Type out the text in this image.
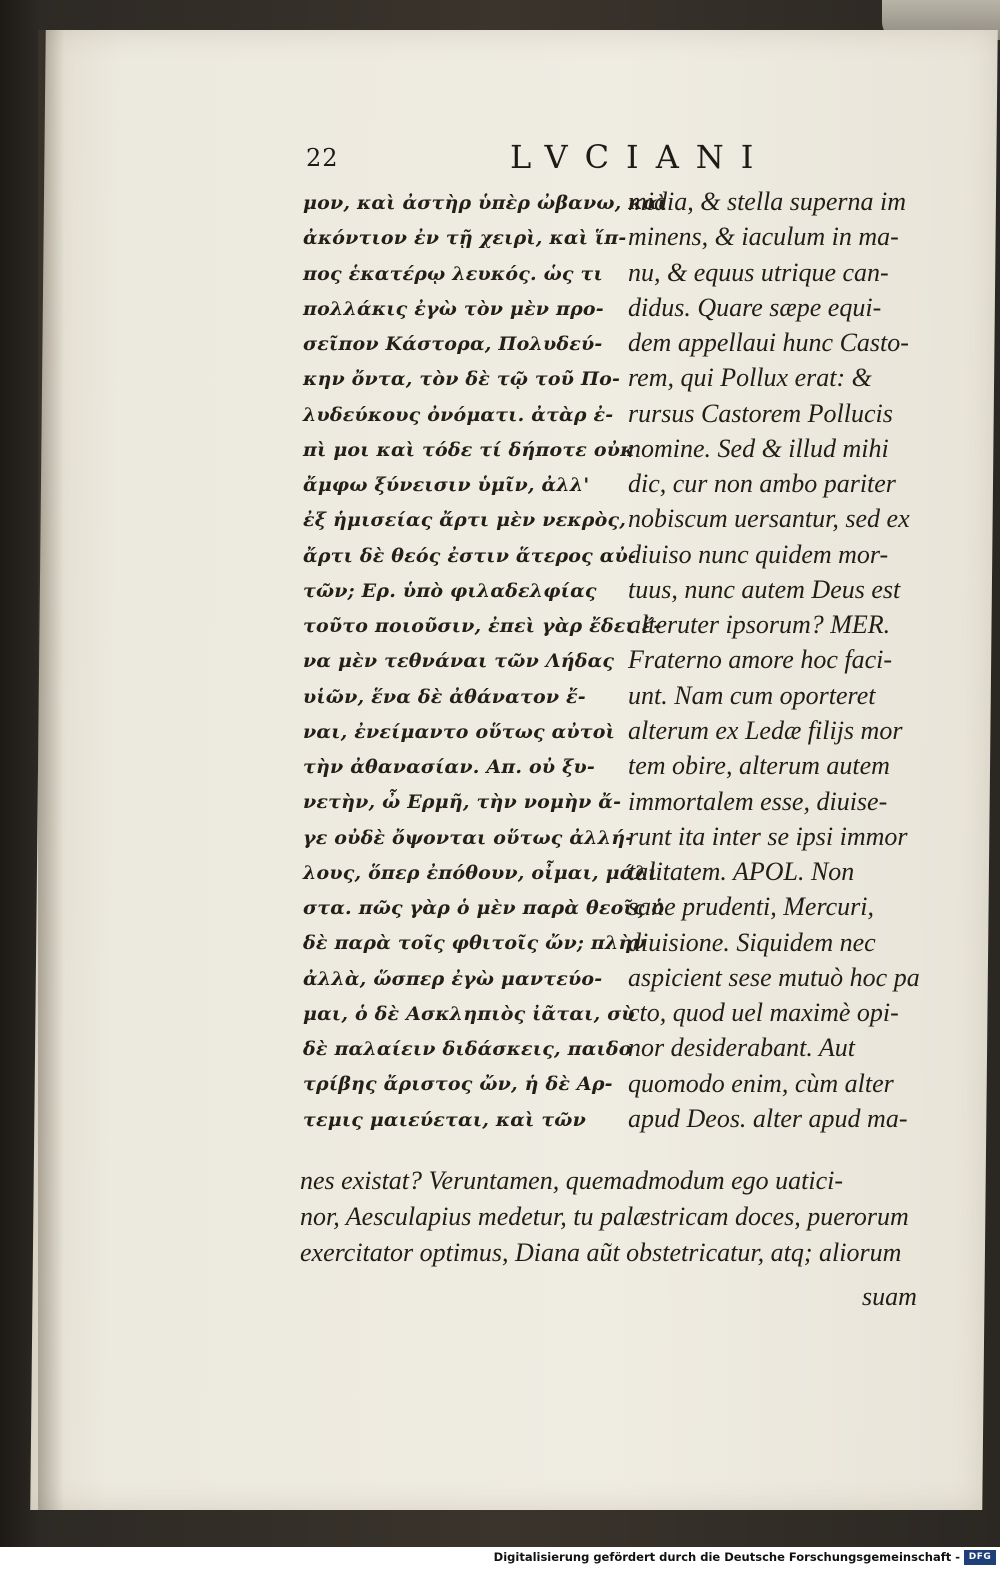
22	LVCIANI
μον, καὶ ἀστὴρ ὑπὲρ ὠβανω, καὶ
ἀκόντιον ἐν τῇ χειρὶ, καὶ ἵπ-
πος ἑκατέρῳ λευκός. ὡς τι
πολλάκις ἐγὼ τὸν μὲν προ-
σεῖπον Κάστορα, Πολυδεύ-
κην ὄντα, τὸν δὲ τῷ τοῦ Πο-
λυδεύκους ὀνόματι. ἀτὰρ ἐ-
πὶ μοι καὶ τόδε τί δήποτε οὐκ
ἄμφω ξύνεισιν ὑμῖν, ἀλλ'
ἐξ ἡμισείας ἄρτι μὲν νεκρὸς,
ἄρτι δὲ θεός ἐστιν ἅτερος αὐ-
τῶν; Ερ. ὑπὸ φιλαδελφίας
τοῦτο ποιοῦσιν, ἐπεὶ γὰρ ἔδει ἕ-
να μὲν τεθνάναι τῶν Λήδας
υἱῶν, ἕνα δὲ ἀθάνατον ἔ-
ναι, ἐνείμαντο οὕτως αὐτοὶ
τὴν ἀθανασίαν. Απ. οὐ ξυ-
νετὴν, ὦ Ερμῆ, τὴν νομὴν ἄ-
γε οὐδὲ ὄψονται οὕτως ἀλλή-
λους, ὅπερ ἐπόθουν, οἶμαι, μάλι
στα. πῶς γὰρ ὁ μὲν παρὰ θεοῖς ὁ
δὲ παρὰ τοῖς φθιτοῖς ὤν; πλὴν
ἀλλὰ, ὥσπερ ἐγὼ μαντεύο-
μαι, ὁ δὲ Ασκληπιὸς ἰᾶται, σὺ
δὲ παλαίειν διδάσκεις, παιδο
τρίβης ἄριστος ὤν, ἡ δὲ Αρ-
τεμις μαιεύεται, καὶ τῶν
midia, & stella superna im
minens, & iaculum in ma-
nu, & equus utrique can-
didus. Quare sæpe equi-
dem appellaui hunc Casto-
rem, qui Pollux erat: &
rursus Castorem Pollucis
nomine. Sed & illud mihi
dic, cur non ambo pariter
nobiscum uersantur, sed ex
diuiso nunc quidem mor-
tuus, nunc autem Deus est
alteruter ipsorum? MER.
Fraterno amore hoc faci-
unt. Nam cum oporteret
alterum ex Ledæ filijs mor
tem obire, alterum autem
immortalem esse, diuise-
runt ita inter se ipsi immor
talitatem. APOL. Non
sane prudenti, Mercuri,
diuisione. Siquidem nec
aspicient sese mutuò hoc pa
cto, quod uel maximè opi-
nor desiderabant. Aut
quomodo enim, cùm alter
apud Deos. alter apud ma-
nes existat? Veruntamen, quemadmodum ego uatici-
nor, Aesculapius medetur, tu palæstricam doces, puerorum
exercitator optimus, Diana aũt obstetricatur, atq; aliorum
suam
Digitalisierung gefördert durch die Deutsche Forschungsgemeinschaft - DFG
